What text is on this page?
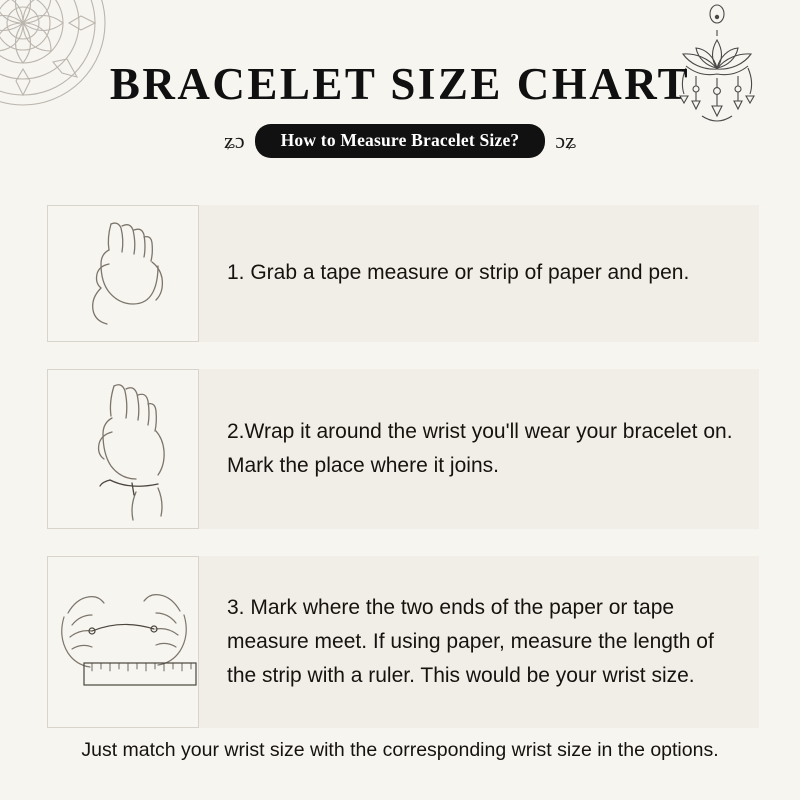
BRACELET SIZE CHART
ʑɔ	How to Measure Bracelet Size?	ɔʑ
1. Grab a tape measure or strip of paper and pen.
2.Wrap it around the wrist you'll wear your bracelet on. Mark the place where it joins.
3. Mark where the two ends of the paper or tape measure meet. If using paper, measure the length of the strip with a ruler. This would be your wrist size.
Just match your wrist size with the corresponding wrist size in the options.
